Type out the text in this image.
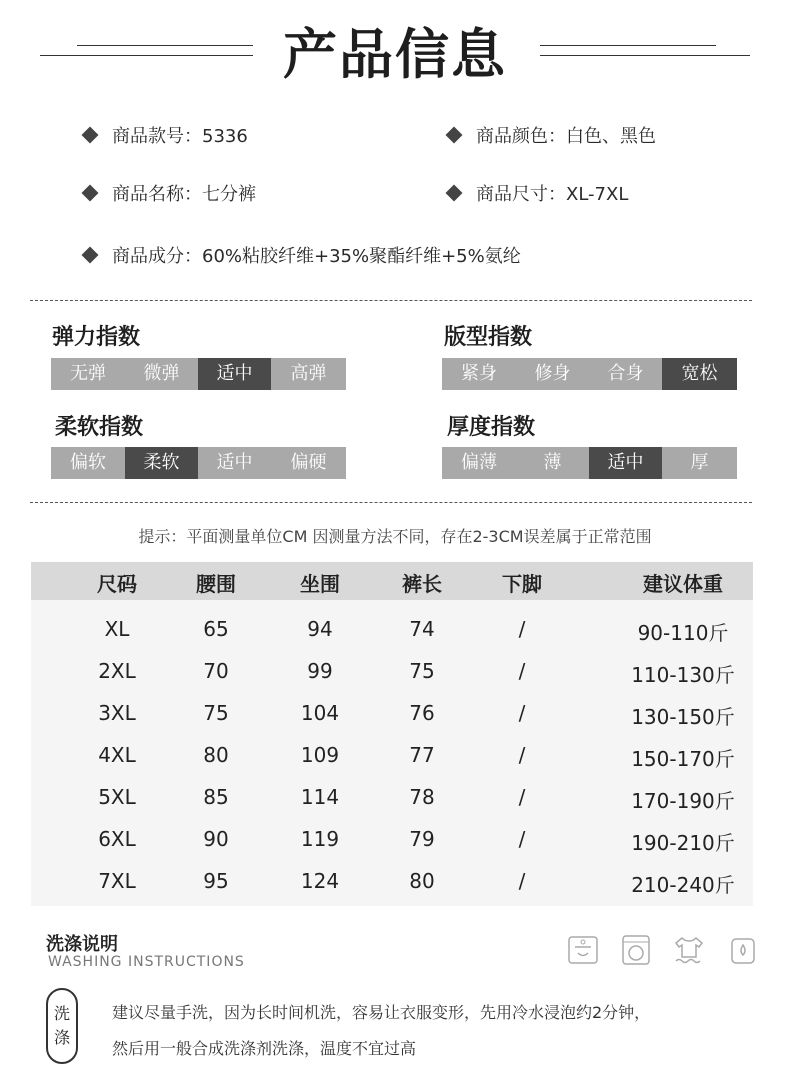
产品信息
商品款号：5336	商品颜色：白色、黑色
商品名称：七分裤	商品尺寸：XL-7XL
商品成分：60%粘胶纤维+35%聚酯纤维+5%氨纶
弹力指数
无弹	微弹	适中	高弹
版型指数
紧身	修身	合身	宽松
柔软指数
偏软	柔软	适中	偏硬
厚度指数
偏薄	薄	适中	厚
提示：平面测量单位CM 因测量方法不同，存在2-3CM误差属于正常范围
尺码	腰围	坐围	裤长	下脚	建议体重
XL	65	94	74	/	90-110斤
2XL	70	99	75	/	110-130斤
3XL	75	104	76	/	130-150斤
4XL	80	109	77	/	150-170斤
5XL	85	114	78	/	170-190斤
6XL	90	119	79	/	190-210斤
7XL	95	124	80	/	210-240斤
洗涤说明
WASHING INSTRUCTIONS
洗
涤
建议尽量手洗，因为长时间机洗，容易让衣服变形，先用冷水浸泡约2分钟，
然后用一般合成洗涤剂洗涤，温度不宜过高
